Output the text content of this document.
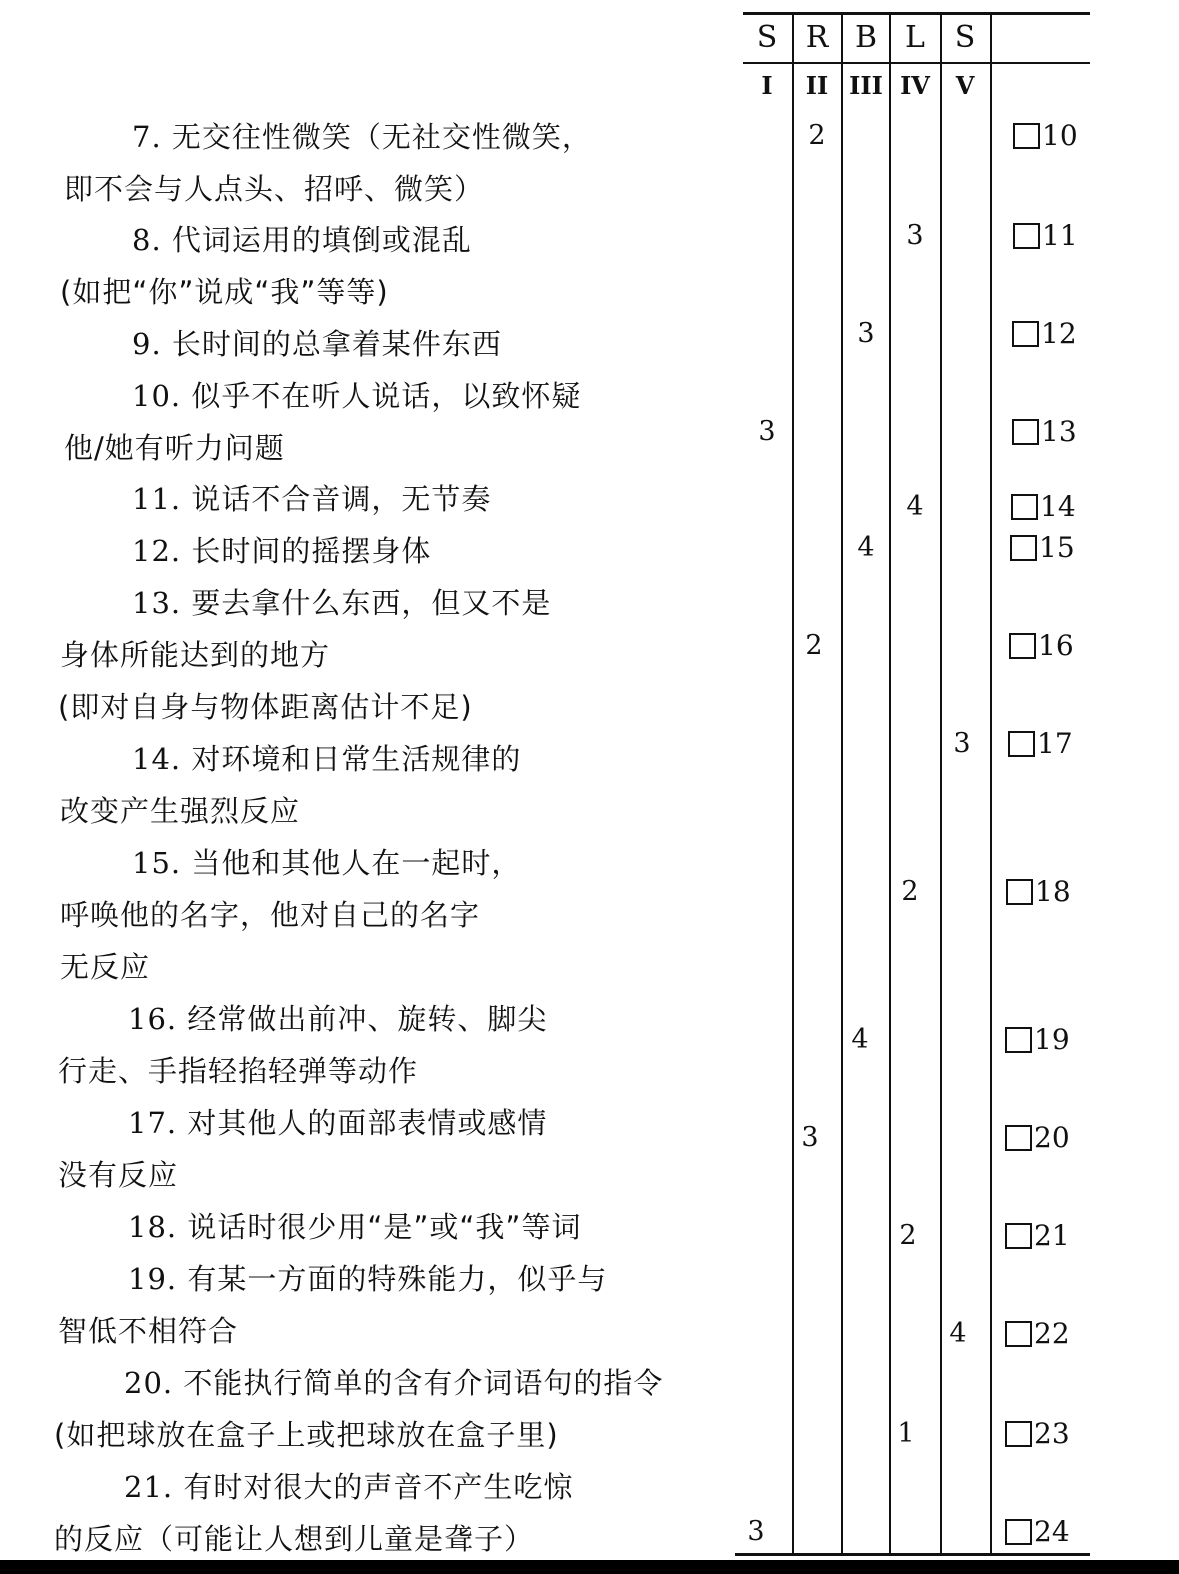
S R B L S
I	II III IV	V
7. 无交往性微笑（无社交性微笑，
即不会与人点头、招呼、微笑）
8. 代词运用的填倒或混乱
(如把“你”说成“我”等等)
9. 长时间的总拿着某件东西
10. 似乎不在听人说话，以致怀疑
他/她有听力问题
11. 说话不合音调，无节奏
12. 长时间的摇摆身体
13. 要去拿什么东西，但又不是
身体所能达到的地方
(即对自身与物体距离估计不足)
14. 对环境和日常生活规律的
改变产生强烈反应
15. 当他和其他人在一起时，
呼唤他的名字，他对自己的名字
无反应
16. 经常做出前冲、旋转、脚尖
行走、手指轻掐轻弹等动作
17. 对其他人的面部表情或感情
没有反应
18. 说话时很少用“是”或“我”等词
19. 有某一方面的特殊能力，似乎与
智低不相符合
20. 不能执行简单的含有介词语句的指令
(如把球放在盒子上或把球放在盒子里)
21. 有时对很大的声音不产生吃惊
的反应（可能让人想到儿童是聋子）
2
3
3
3
4
4
2
3
2
4
3
2
4
1
3
10
11
12
13
14
15
16
17
18
19
20
21
22
23
24
